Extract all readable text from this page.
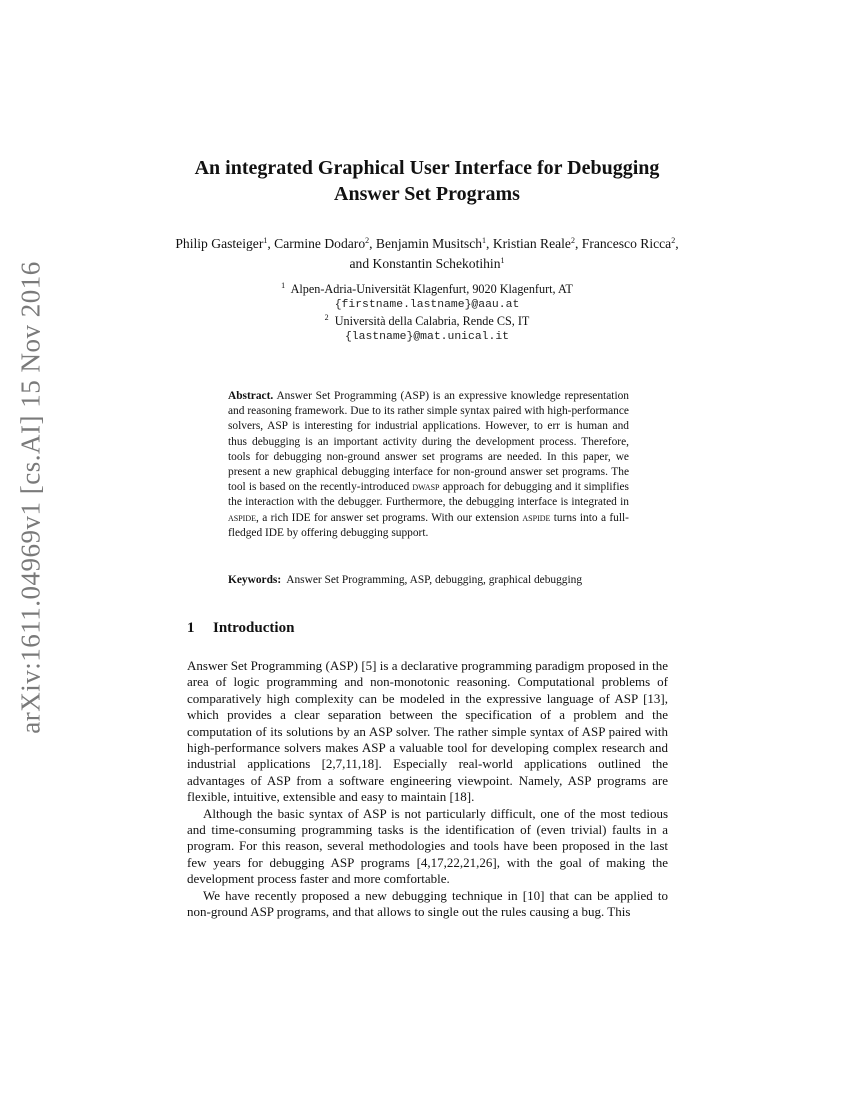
arXiv:1611.04969v1 [cs.AI] 15 Nov 2016
An integrated Graphical User Interface for Debugging
Answer Set Programs
Philip Gasteiger$^1$, Carmine Dodaro$^2$, Benjamin Musitsch$^1$, Kristian Reale$^2$, Francesco Ricca$^2$, and Konstantin Schekotihin$^1$
$^1$ Alpen-Adria-Universität Klagenfurt, 9020 Klagenfurt, AT
{firstname.lastname}@aau.at
$^2$ Università della Calabria, Rende CS, IT
{lastname}@mat.unical.it
Abstract. Answer Set Programming (ASP) is an expressive knowledge representation and reasoning framework. Due to its rather simple syntax paired with high-performance solvers, ASP is interesting for industrial applications. However, to err is human and thus debugging is an important activity during the development process. Therefore, tools for debugging non-ground answer set programs are needed. In this paper, we present a new graphical debugging interface for non-ground answer set programs. The tool is based on the recently-introduced dwasp approach for debugging and it simplifies the interaction with the debugger. Furthermore, the debugging interface is integrated in aspide, a rich IDE for answer set programs. With our extension aspide turns into a full-fledged IDE by offering debugging support.
Keywords: Answer Set Programming, ASP, debugging, graphical debugging
1 Introduction

Answer Set Programming (ASP) [5] is a declarative programming paradigm proposed in the area of logic programming and non-monotonic reasoning. Computational problems of comparatively high complexity can be modeled in the expressive language of ASP [13], which provides a clear separation between the specification of a problem and the computation of its solutions by an ASP solver. The rather simple syntax of ASP paired with high-performance solvers makes ASP a valuable tool for developing complex research and industrial applications [2,7,11,18]. Especially real-world applications outlined the advantages of ASP from a software engineering viewpoint. Namely, ASP programs are flexible, intuitive, extensible and easy to maintain [18].

Although the basic syntax of ASP is not particularly difficult, one of the most tedious and time-consuming programming tasks is the identification of (even trivial) faults in a program. For this reason, several methodologies and tools have been proposed in the last few years for debugging ASP programs [4,17,22,21,26], with the goal of making the development process faster and more comfortable.

We have recently proposed a new debugging technique in [10] that can be applied to non-ground ASP programs, and that allows to single out the rules causing a bug. This
